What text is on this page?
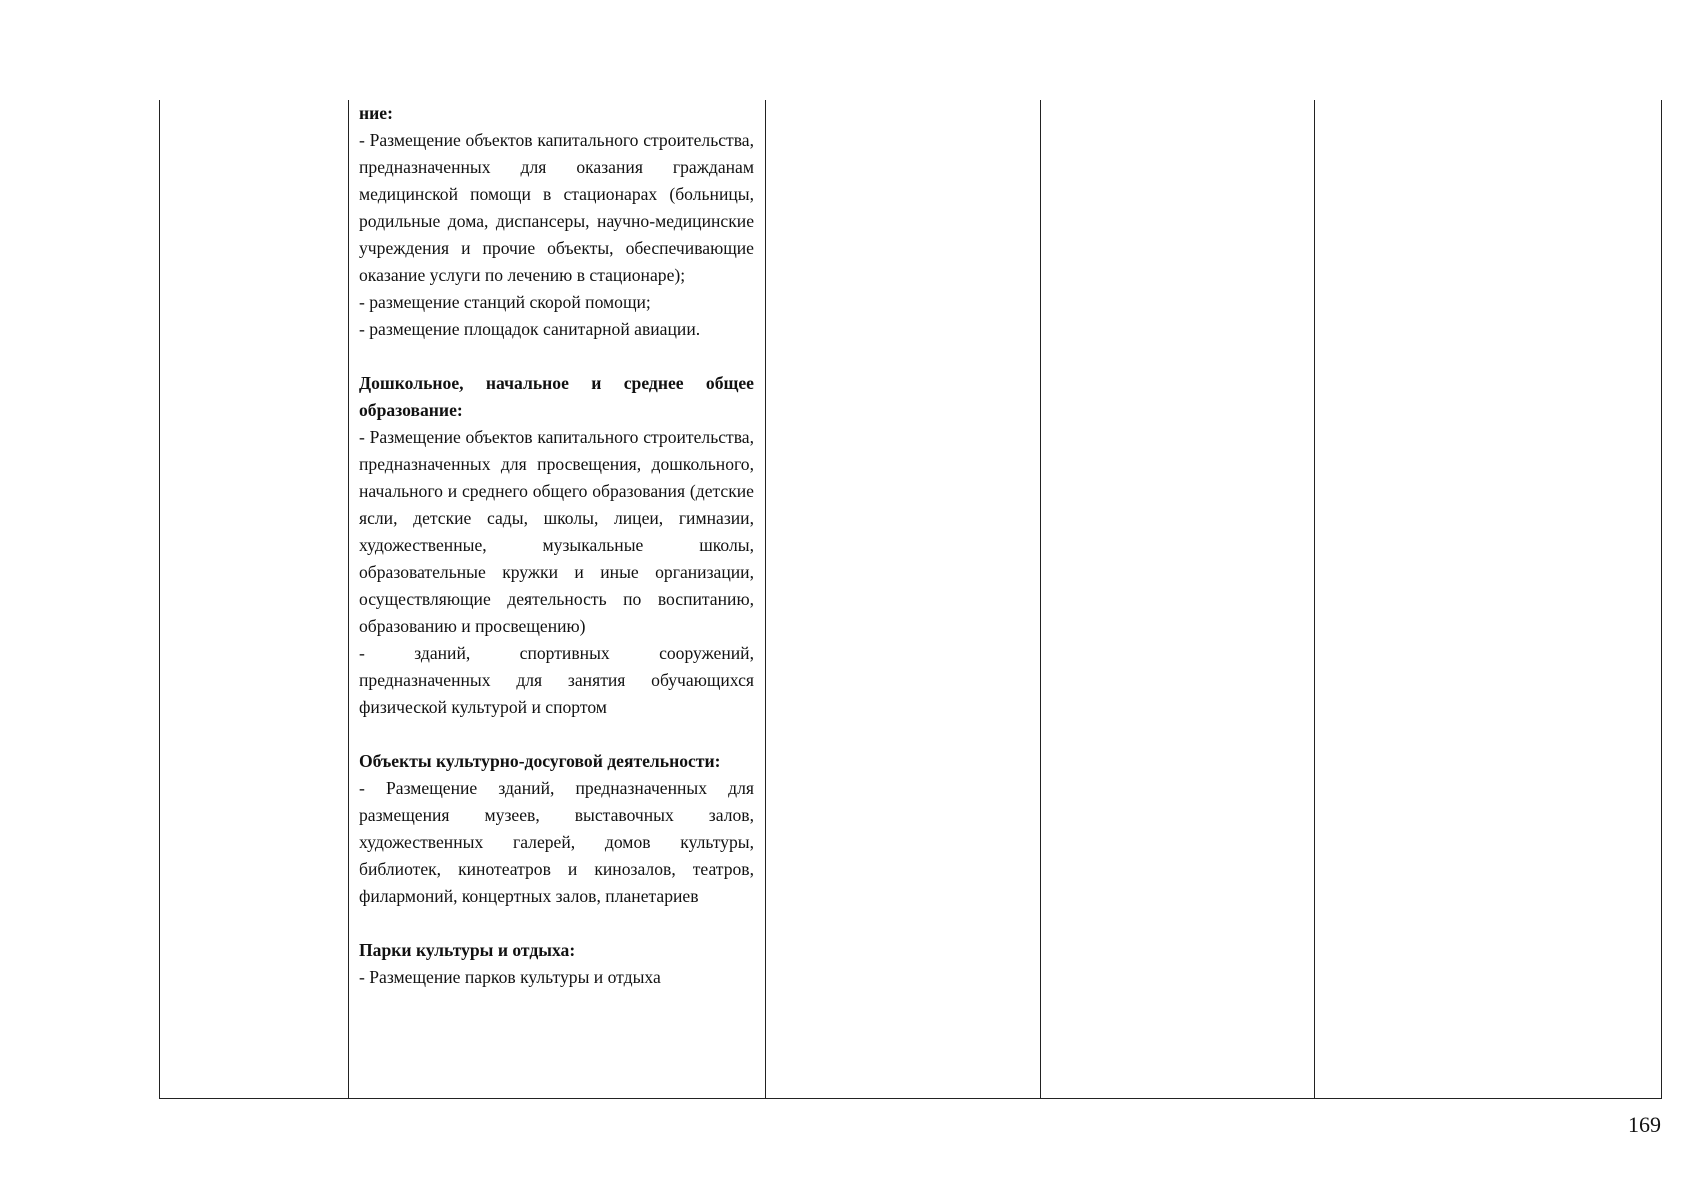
ние:

- Размещение объектов капитального строительства, предназначенных для оказания гражданам медицинской помощи в стационарах (больницы, родильные дома, диспансеры, научно-медицинские учреждения и прочие объекты, обеспечивающие оказание услуги по лечению в стационаре);

- размещение станций скорой помощи;

- размещение площадок санитарной авиации.

Дошкольное, начальное и среднее общее образование:

- Размещение объектов капитального строительства, предназначенных для просвещения, дошкольного, начального и среднего общего образования (детские ясли, детские сады, школы, лицеи, гимназии, художественные, музыкальные школы, образовательные кружки и иные организации, осуществляющие деятельность по воспитанию, образованию и просвещению)

- зданий, спортивных сооружений, предназначенных для занятия обучающихся физической культурой и спортом

Объекты культурно-досуговой деятельности:

- Размещение зданий, предназначенных для размещения музеев, выставочных залов, художественных галерей, домов культуры, библиотек, кинотеатров и кинозалов, театров, филармоний, концертных залов, планетариев

Парки культуры и отдыха:

- Размещение парков культуры и отдыха

169
